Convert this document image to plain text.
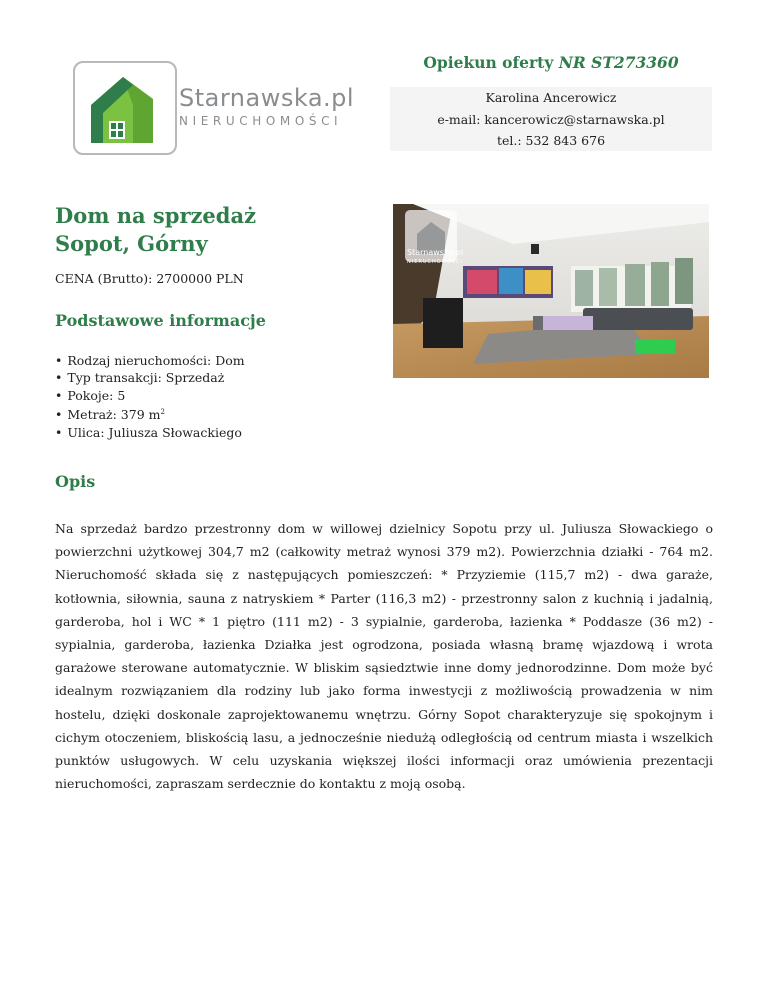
Starnawska.pl
NIERUCHOMOŚCI
Opiekun oferty NR ST273360
Karolina Ancerowicz
e-mail: kancerowicz@starnawska.pl
tel.: 532 843 676
Dom na sprzedaż
Sopot, Górny
CENA (Brutto): 2700000 PLN
Podstawowe informacje
• Rodzaj nieruchomości: Dom
• Typ transakcji: Sprzedaż
• Pokoje: 5
• Metraż: 379 $m^2$
• Ulica: Juliusza Słowackiego
Starnawska.pl
NIERUCHOMOŚCI
Opis

Na sprzedaż bardzo przestronny dom w willowej dzielnicy Sopotu przy ul. Juliusza Słowackiego o powierzchni użytkowej 304,7 m2 (całkowity metraż wynosi 379 m2). Powierzchnia działki - 764 m2. Nieruchomość składa się z następujących pomieszczeń: * Przyziemie (115,7 m2) - dwa garaże, kotłownia, siłownia, sauna z natryskiem * Parter (116,3 m2) - przestronny salon z kuchnią i jadalnią, garderoba, hol i WC * 1 piętro (111 m2) - 3 sypialnie, garderoba, łazienka * Poddasze (36 m2) - sypialnia, garderoba, łazienka Działka jest ogrodzona, posiada własną bramę wjazdową i wrota garażowe sterowane automatycznie. W bliskim sąsiedztwie inne domy jednorodzinne. Dom może być idealnym rozwiązaniem dla rodziny lub jako forma inwestycji z możliwością prowadzenia w nim hostelu, dzięki doskonale zaprojektowanemu wnętrzu. Górny Sopot charakteryzuje się spokojnym i cichym otoczeniem, bliskością lasu, a jednocześnie niedużą odległością od centrum miasta i wszelkich punktów usługowych. W celu uzyskania większej ilości informacji oraz umówienia prezentacji nieruchomości, zapraszam serdecznie do kontaktu z moją osobą.
